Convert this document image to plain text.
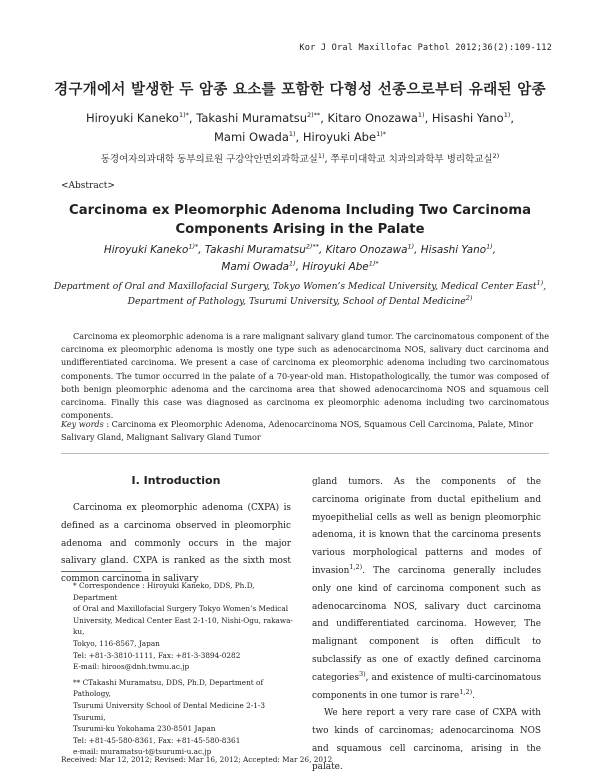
Kor J Oral Maxillofac Pathol 2012;36(2):109-112
경구개에서 발생한 두 암종 요소를 포함한 다형성 선종으로부터 유래된 암종
Hiroyuki Kaneko$^{1)*}$, Takashi Muramatsu$^{2)**}$, Kitaro Onozawa$^{1)}$, Hisashi Yano$^{1)}$,
Mami Owada$^{1)}$, Hiroyuki Abe$^{1)*}$
동경여자의과대학 동부의료원 구강악안면외과학교실$^{1)}$, 쭈루미대학교 치과의과학부 병리학교실$^{2)}$
<Abstract>
Carcinoma ex Pleomorphic Adenoma Including Two Carcinoma
Components Arising in the Palate
Hiroyuki Kaneko$^{1)*}$, Takashi Muramatsu$^{2)**}$, Kitaro Onozawa$^{1)}$, Hisashi Yano$^{1)}$,
Mami Owada$^{1)}$, Hiroyuki Abe$^{1)*}$
Department of Oral and Maxillofacial Surgery, Tokyo Women’s Medical University, Medical Center East$^{1)}$,
Department of Pathology, Tsurumi University, School of Dental Medicine$^{2)}$
Carcinoma ex pleomorphic adenoma is a rare malignant salivary gland tumor. The carcinomatous component of the carcinoma ex pleomorphic adenoma is mostly one type such as adenocarcinoma NOS, salivary duct carcinoma and undifferentiated carcinoma. We present a case of carcinoma ex pleomorphic adenoma including two carcinomatous components. The tumor occurred in the palate of a 70-year-old man. Histopathologically, the tumor was composed of both benign pleomorphic adenoma and the carcinoma area that showed adenocarcinoma NOS and squamous cell carcinoma. Finally this case was diagnosed as carcinoma ex pleomorphic adenoma including two carcinomatous components.
Key words : Carcinoma ex Pleomorphic Adenoma, Adenocarcinoma NOS, Squamous Cell Carcinoma, Palate, Minor Salivary Gland, Malignant Salivary Gland Tumor
Ⅰ. Introduction

Carcinoma ex pleomorphic adenoma (CXPA) is defined as a carcinoma observed in pleomorphic adenoma and commonly occurs in the major salivary gland. CXPA is ranked as the sixth most common carcinoma in salivary

* Correspondence : Hiroyuki Kaneko, DDS, Ph.D, Department
of Oral and Maxillofacial Surgery Tokyo Women’s Medical
University, Medical Center East 2-1-10, Nishi-Ogu, rakawa-ku,
Tokyo, 116-8567, Japan
Tel: +81-3-3810-1111, Fax: +81-3-3894-0282
E-mail: hiroos@dnh.twmu.ac.jp
** CTakashi Muramatsu, DDS, Ph.D, Department of Pathology,
Tsurumi University School of Dental Medicine 2-1-3 Tsurumi,
Tsurumi-ku Yokohama 230-8501 Japan
Tel: +81-45-580-8361, Fax: +81-45-580-8361
e-mail: muramatsu-t@tsurumi-u.ac.jp
Received: Mar 12, 2012; Revised: Mar 16, 2012; Accepted: Mar 26, 2012

gland tumors. As the components of the carcinoma originate from ductal epithelium and myoepithelial cells as well as benign pleomorphic adenoma, it is known that the carcinoma presents various morphological patterns and modes of invasion$^{1,2)}$. The carcinoma generally includes only one kind of carcinoma component such as adenocarcinoma NOS, salivary duct carcinoma and undifferentiated carcinoma. However, The malignant component is often difficult to subclassify as one of exactly defined carcinoma categories$^{3)}$, and existence of multi-carcinomatous components in one tumor is rare$^{1,2)}$.

We here report a very rare case of CXPA with two kinds of carcinomas; adenocarcinoma NOS and squamous cell carcinoma, arising in the palate.
